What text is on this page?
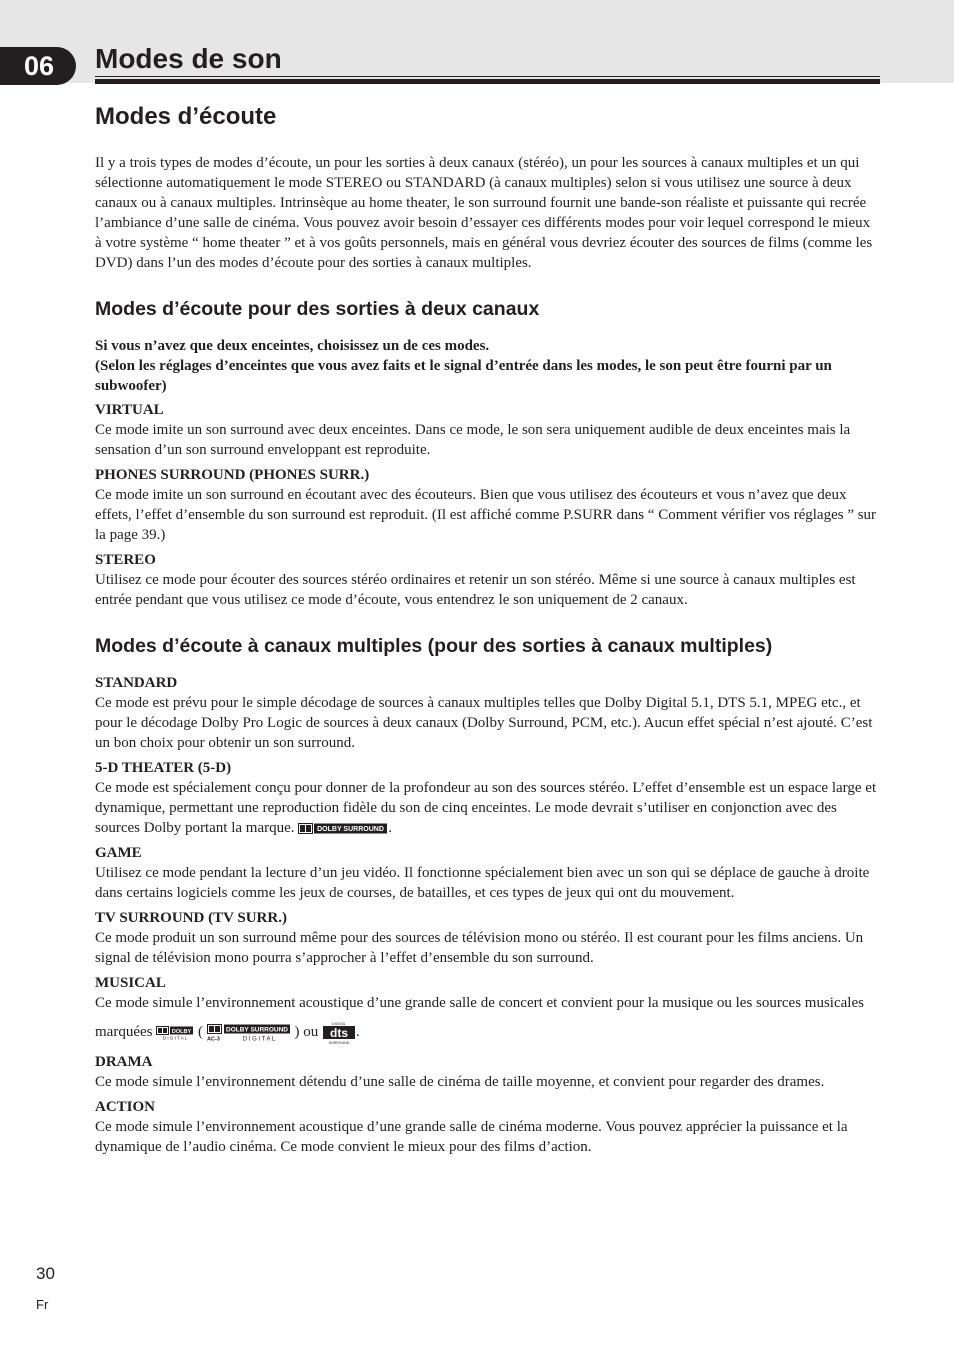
06	Modes de son
Modes d’écoute

Il y a trois types de modes d’écoute, un pour les sorties à deux canaux (stéréo), un pour les sources à canaux multiples et un qui sélectionne automatiquement le mode STEREO ou STANDARD (à canaux multiples) selon si vous utilisez une source à deux canaux ou à canaux multiples. Intrinsèque au home theater, le son surround fournit une bande-son réaliste et puissante qui recrée l’ambiance d’une salle de cinéma. Vous pouvez avoir besoin d’essayer ces différents modes pour voir lequel correspond le mieux à votre système “ home theater ” et à vos goûts personnels, mais en général vous devriez écouter des sources de films (comme les DVD) dans l’un des modes d’écoute pour des sorties à canaux multiples.

Modes d’écoute pour des sorties à deux canaux

Si vous n’avez que deux enceintes, choisissez un de ces modes.
(Selon les réglages d’enceintes que vous avez faits et le signal d’entrée dans les modes, le son peut être fourni par un subwoofer)

VIRTUAL

Ce mode imite un son surround avec deux enceintes. Dans ce mode, le son sera uniquement audible de deux enceintes mais la sensation d’un son surround enveloppant est reproduite.

PHONES SURROUND (PHONES SURR.)

Ce mode imite un son surround en écoutant avec des écouteurs. Bien que vous utilisez des écouteurs et vous n’avez que deux effets, l’effet d’ensemble du son surround est reproduit. (Il est affiché comme P.SURR dans “ Comment vérifier vos réglages ” sur la page 39.)

STEREO

Utilisez ce mode pour écouter des sources stéréo ordinaires et retenir un son stéréo. Même si une source à canaux multiples est entrée pendant que vous utilisez ce mode d’écoute, vous entendrez le son uniquement de 2 canaux.

Modes d’écoute à canaux multiples (pour des sorties à canaux multiples)

STANDARD

Ce mode est prévu pour le simple décodage de sources à canaux multiples telles que Dolby Digital 5.1, DTS 5.1, MPEG etc., et pour le décodage Dolby Pro Logic de sources à deux canaux (Dolby Surround, PCM, etc.). Aucun effet spécial n’est ajouté. C’est un bon choix pour obtenir un son surround.

5-D THEATER (5-D)

Ce mode est spécialement conçu pour donner de la profondeur au son des sources stéréo. L’effet d’ensemble est un espace large et dynamique, permettant une reproduction fidèle du son de cinq enceintes. Le mode devrait s’utiliser en conjonction avec des sources Dolby portant la marque.	DOLBY SURROUND .

GAME

Utilisez ce mode pendant la lecture d’un jeu vidéo. Il fonctionne spécialement bien avec un son qui se déplace de gauche à droite dans certains logiciels comme les jeux de courses, de batailles, et ces types de jeux qui ont du mouvement.

TV SURROUND (TV SURR.)

Ce mode produit un son surround même pour des sources de télévision mono ou stéréo. Il est courant pour les films anciens. Un signal de télévision mono pourra s’approcher à l’effet d’ensemble du son surround.

MUSICAL

Ce mode simule l’environnement acoustique d’une grande salle de concert et convient pour la musique ou les sources musicales marquées	DOLBY
D I G I T A L (	DOLBY SURROUND
AC-3	D I G I T A L ) ou
DIGITAL
dts
SURROUND
.

DRAMA

Ce mode simule l’environnement détendu d’une salle de cinéma de taille moyenne, et convient pour regarder des drames.

ACTION

Ce mode simule l’environnement acoustique d’une grande salle de cinéma moderne. Vous pouvez apprécier la puissance et la dynamique de l’audio cinéma. Ce mode convient le mieux pour des films d’action.

30
Fr
